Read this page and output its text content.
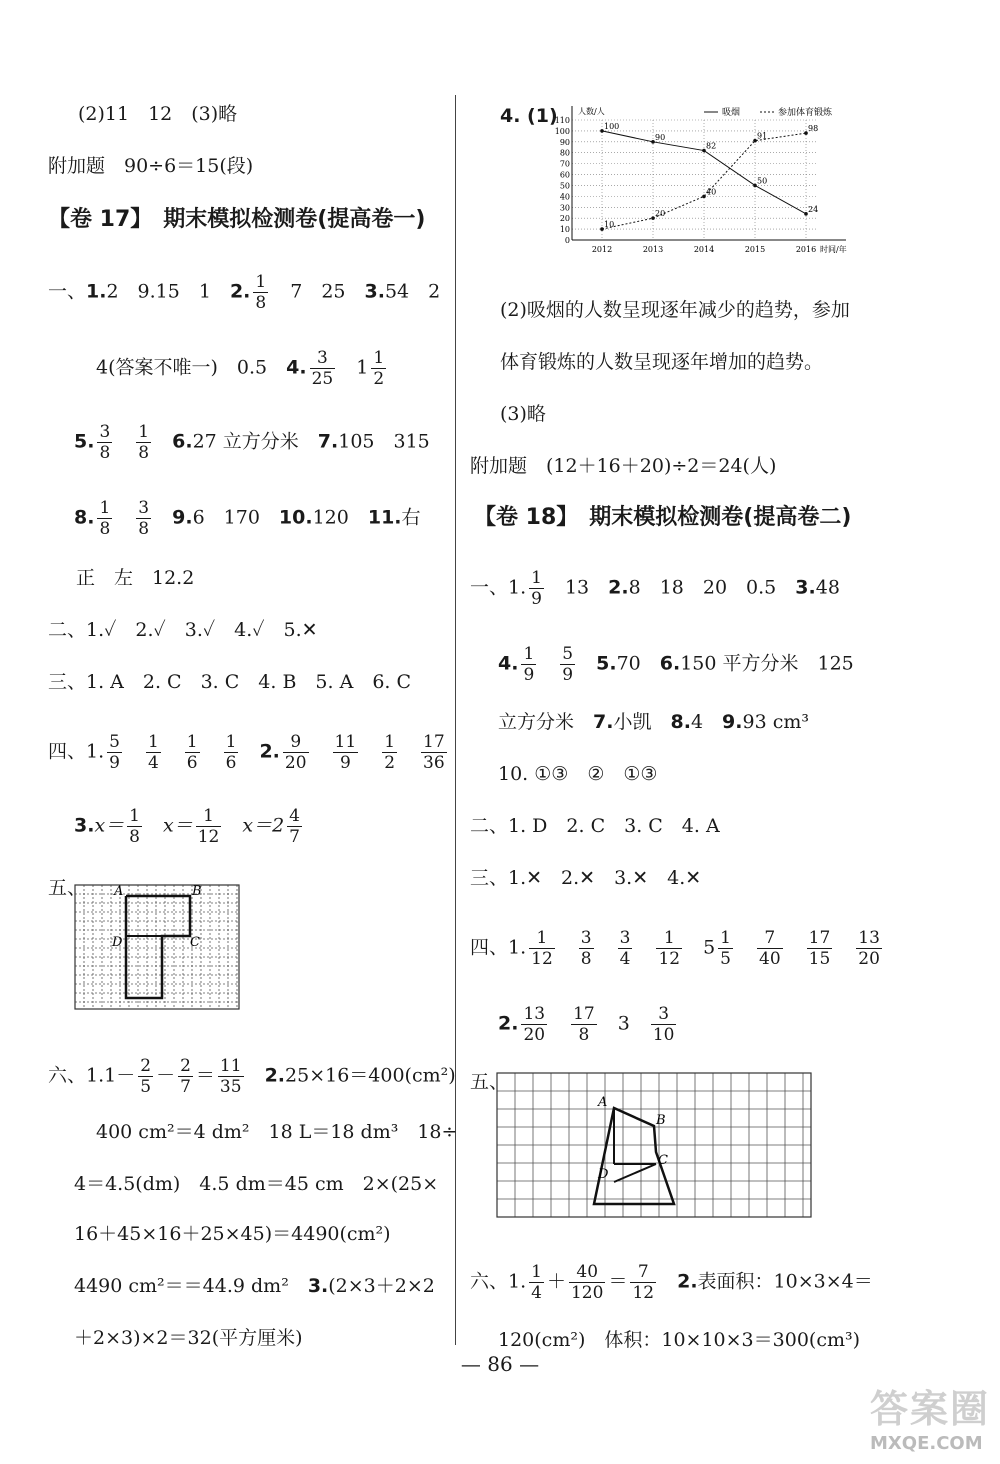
(2)11　12　(3)略
附加题　90÷6＝15(段)
【卷 17】　期末模拟检测卷(提高卷一)
一、1.2　9.15　1　2. $\frac{1}{8}$ 　7　25　3.54　2
4(答案不唯一)　0.5　4. $\frac{3}{25} 1 \frac{1}{2}$
5. $\frac{3}{8} \frac{1}{8} 6.27$ 立方分米　7.105　315
8. $\frac{1}{8} \frac{3}{8} 9.6$　170　10.120　11.右
正　左　12.2
二、1.✓　2.✓　3.✓　4.✓　5.✕
三、1. A　2. C　3. C　4. B　5. A　6. C
四、1. $\frac{5}{9} \frac{1}{4} \frac{1}{6} \frac{1}{6} 2$. $\frac{9}{20} \frac{11}{9} \frac{1}{2} \frac{17}{36}$
$3.x= \frac{1}{8} x= \frac{1}{12} x=2 \frac{4}{7}$
五、 A	B
C
D
六、$1.1- \frac{2}{5} - \frac{2}{7} = \frac{11}{35} 2.25\times 16=400(cm^2)$
400 cm²＝4 dm²　18 L＝18 dm³　18÷
4＝4.5(dm)　4.5 dm＝45 cm　2×(25×
16＋45×16＋25×45)＝4490(cm²)
4490 cm²＝＝44.9 dm²　3.(2×3＋2×2
＋2×3)×2＝32(平方厘米)
4. (1)
0
10
20
30
40
50
60
70
80
90
100
110
2012	2013	2014	2015	2016
人数/人
时间/年
吸烟	参加体育锻炼
100
90
82
50
24
10
20
40
91
98
(2)吸烟的人数呈现逐年减少的趋势，参加
体育锻炼的人数呈现逐年增加的趋势。
(3)略
附加题　(12＋16＋20)÷2＝24(人)
【卷 18】　期末模拟检测卷(提高卷二)
一、1. $\frac{1}{9} 13$　2.8　18　20　0.5　3.48
4. $\frac{1}{9} \frac{5}{9} 5.70$　6.150 平方分米　125
立方分米　7.小凯　8.4　9.93 cm³
10. ①③　②　①③
二、1. D　2. C　3. C　4. A
三、1.✕　2.✕　3.✕　4.✕
四、1. $\frac{1}{12} \frac{3}{8} \frac{3}{4} \frac{1}{12} 5 \frac{1}{5} \frac{7}{40} \frac{17}{15} \frac{13}{20}$
2. $\frac{13}{20} \frac{17}{8} 3 \frac{3}{10}$
五、
A
B
C
D
六、1. $\frac{1}{4} + \frac{40}{120} = \frac{7}{12} 2$.表面积：10×3×4＝
120(cm²)　体积：10×10×3＝300(cm³)
— 86 —
答案圈
MXQE.COM
